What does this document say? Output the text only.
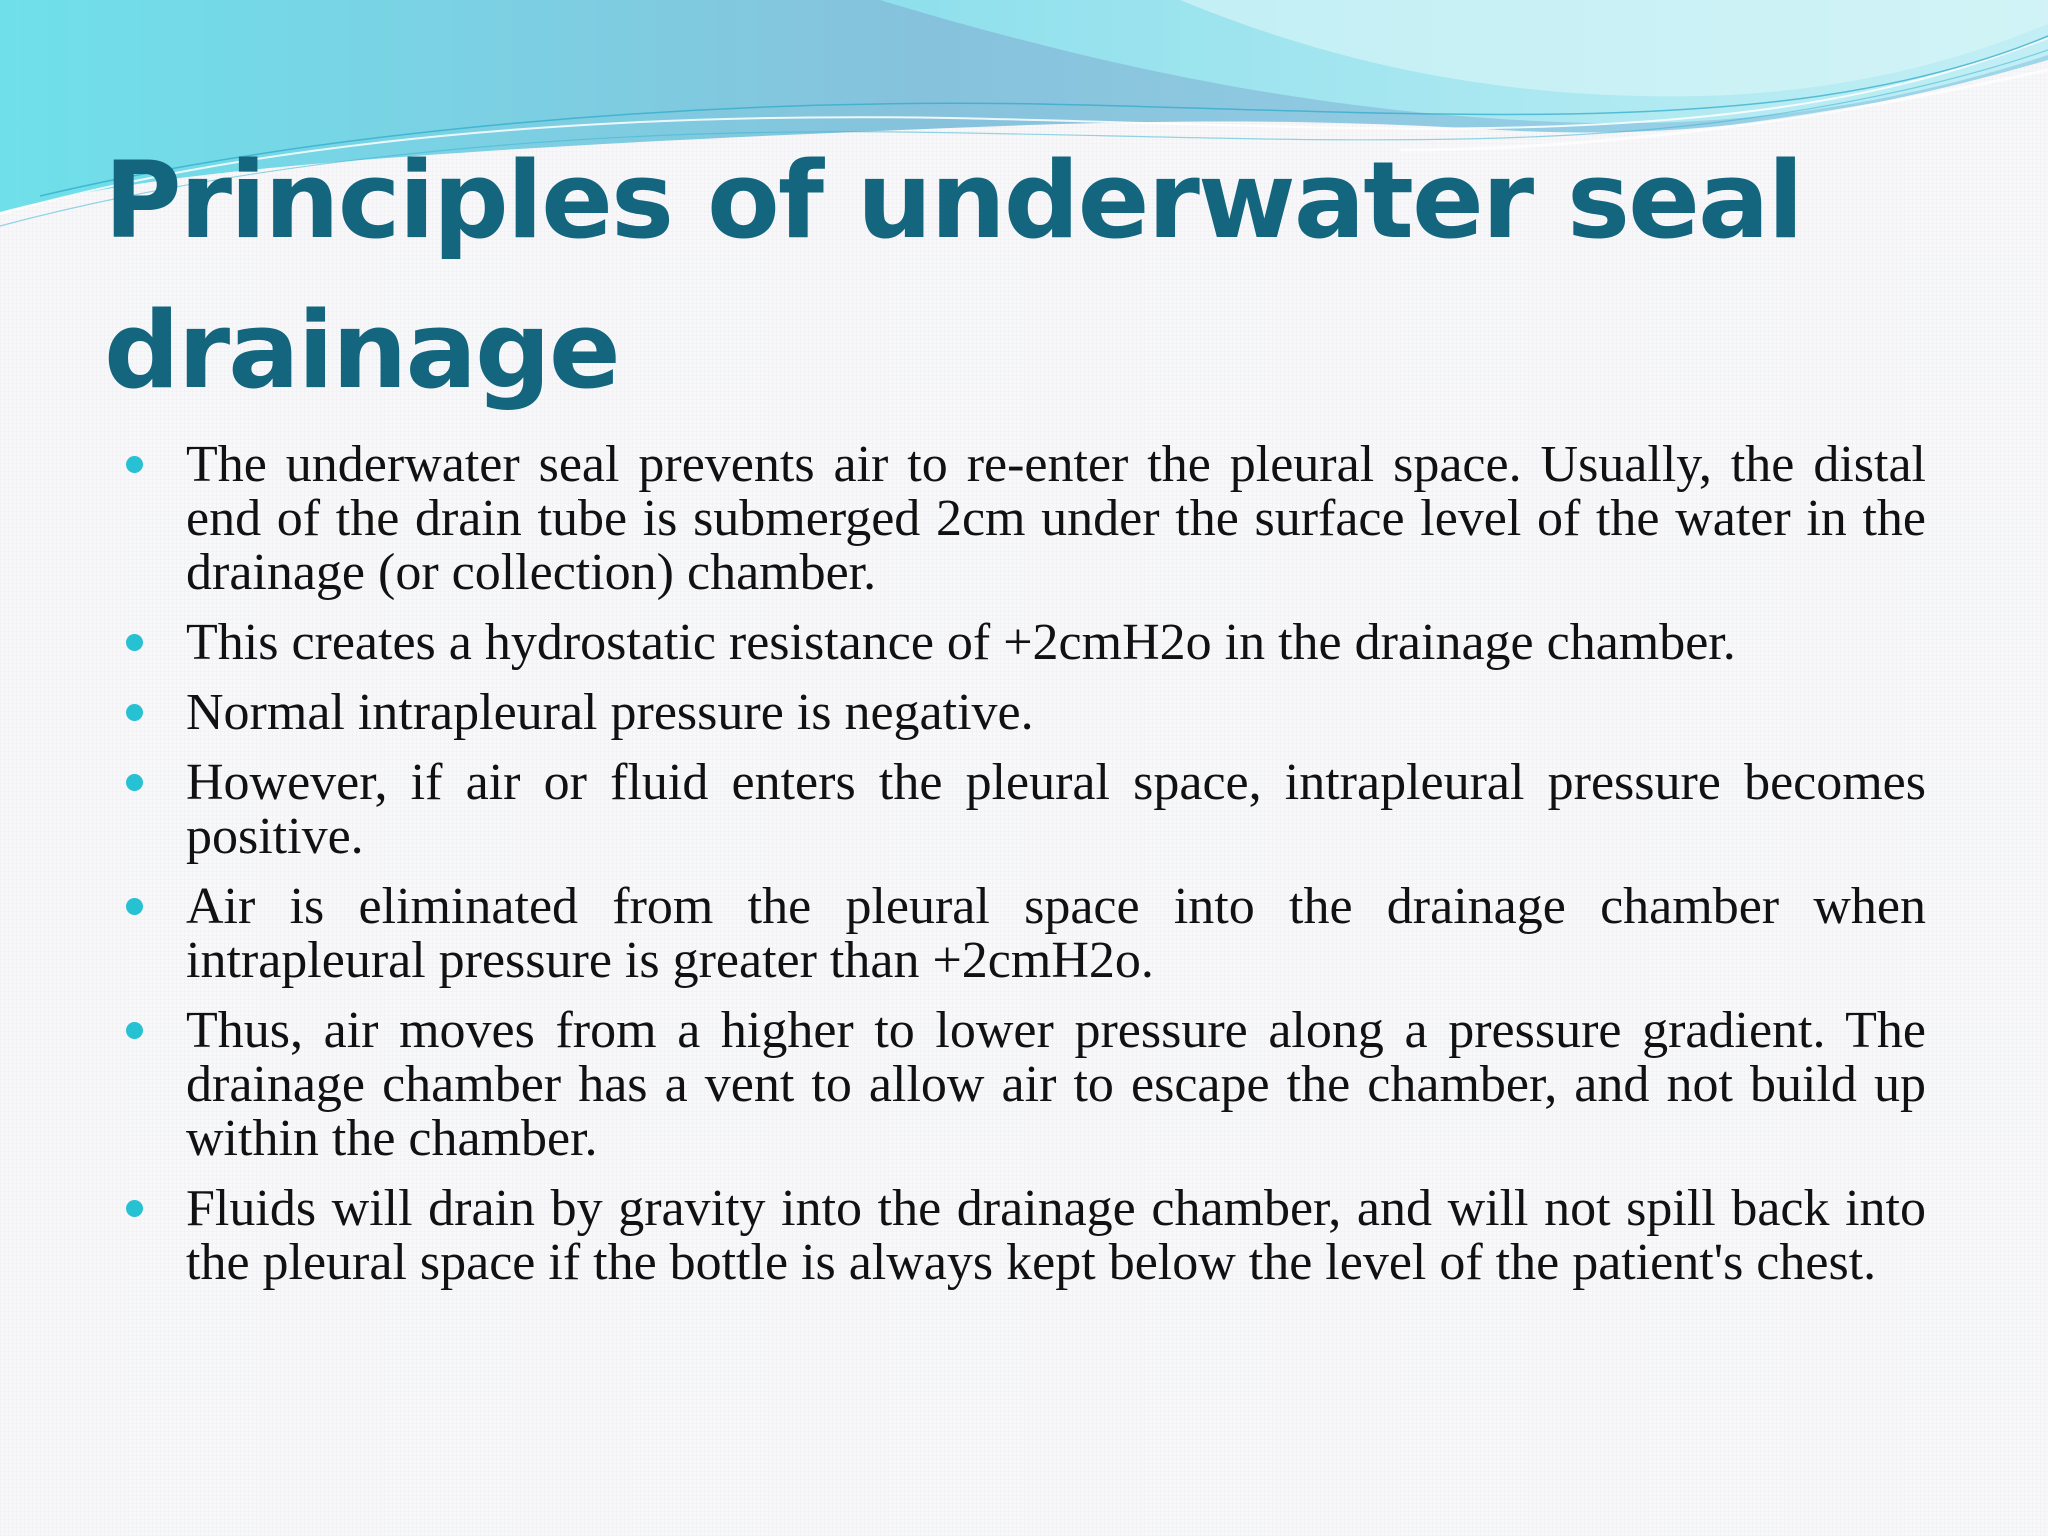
Principles of underwater seal drainage
The underwater seal prevents air to re-enter the pleural space. Usually, the distal end of the drain tube is submerged 2cm under the surface level of the water in the drainage (or collection) chamber.
This creates a hydrostatic resistance of +2cmH2o in the drainage chamber.
Normal intrapleural pressure is negative.
However, if air or fluid enters the pleural space, intrapleural pressure becomes positive.
Air is eliminated from the pleural space into the drainage chamber when intrapleural pressure is greater than +2cmH2o.
Thus, air moves from a higher to lower pressure along a pressure gradient. The drainage chamber has a vent to allow air to escape the chamber, and not build up within the chamber.
Fluids will drain by gravity into the drainage chamber, and will not spill back into the pleural space if the bottle is always kept below the level of the patient's chest.
